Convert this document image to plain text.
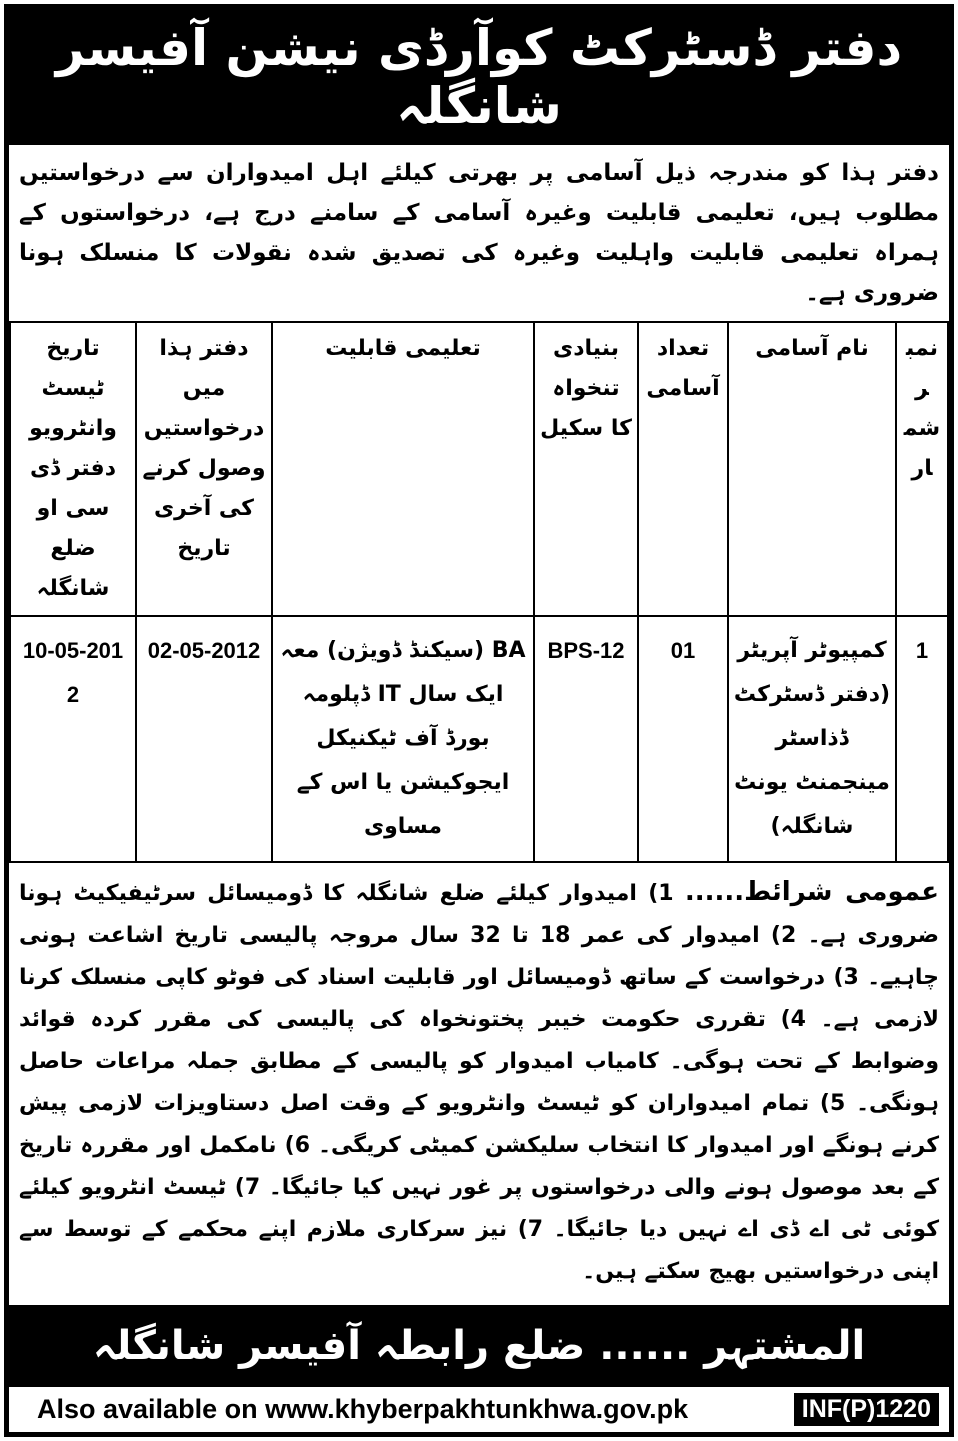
دفتر ڈسٹرکٹ کوآرڈی نیشن آفیسر شانگلہ

دفتر ہذا کو مندرجہ ذیل آسامی پر بھرتی کیلئے اہل امیدواران سے درخواستیں مطلوب ہیں، تعلیمی قابلیت وغیرہ آسامی کے سامنے درج ہے، درخواستوں کے ہمراہ تعلیمی قابلیت واہلیت وغیرہ کی تصدیق شدہ نقولات کا منسلک ہونا ضروری ہے۔

نمبر شمار	نام آسامی	تعداد آسامی	بنیادی تنخواہ کا سکیل	تعلیمی قابلیت	دفتر ہذا میں درخواستیں وصول کرنے کی آخری تاریخ	تاریخ ٹیسٹ وانٹرویو دفتر ڈی سی او ضلع شانگلہ
1	کمپیوٹر آپریٹر (دفتر ڈسٹرکٹ ڈذاسٹر مینجمنٹ یونٹ شانگلہ)	01	BPS-12	BA (سیکنڈ ڈویژن) معہ ایک سال IT ڈپلومہ بورڈ آف ٹیکنیکل ایجوکیشن یا اس کے مساوی	02-05-2012	10-05-2012

عمومی شرائط...... 1) امیدوار کیلئے ضلع شانگلہ کا ڈومیسائل سرٹیفیکیٹ ہونا ضروری ہے۔ 2) امیدوار کی عمر 18 تا 32 سال مروجہ پالیسی تاریخ اشاعت ہونی چاہیے۔ 3) درخواست کے ساتھ ڈومیسائل اور قابلیت اسناد کی فوٹو کاپی منسلک کرنا لازمی ہے۔ 4) تقرری حکومت خیبر پختونخواہ کی پالیسی کی مقرر کردہ قوائد وضوابط کے تحت ہوگی۔ کامیاب امیدوار کو پالیسی کے مطابق جملہ مراعات حاصل ہونگی۔ 5) تمام امیدواران کو ٹیسٹ وانٹرویو کے وقت اصل دستاویزات لازمی پیش کرنے ہونگے اور امیدوار کا انتخاب سلیکشن کمیٹی کریگی۔ 6) نامکمل اور مقررہ تاریخ کے بعد موصول ہونے والی درخواستوں پر غور نہیں کیا جائیگا۔ 7) ٹیسٹ انٹرویو کیلئے کوئی ٹی اے ڈی اے نہیں دیا جائیگا۔ 7) نیز سرکاری ملازم اپنے محکمے کے توسط سے اپنی درخواستیں بھیج سکتے ہیں۔

المشتہر ...... ضلع رابطہ آفیسر شانگلہ
Also available on www.khyberpakhtunkhwa.gov.pk	INF(P)1220
